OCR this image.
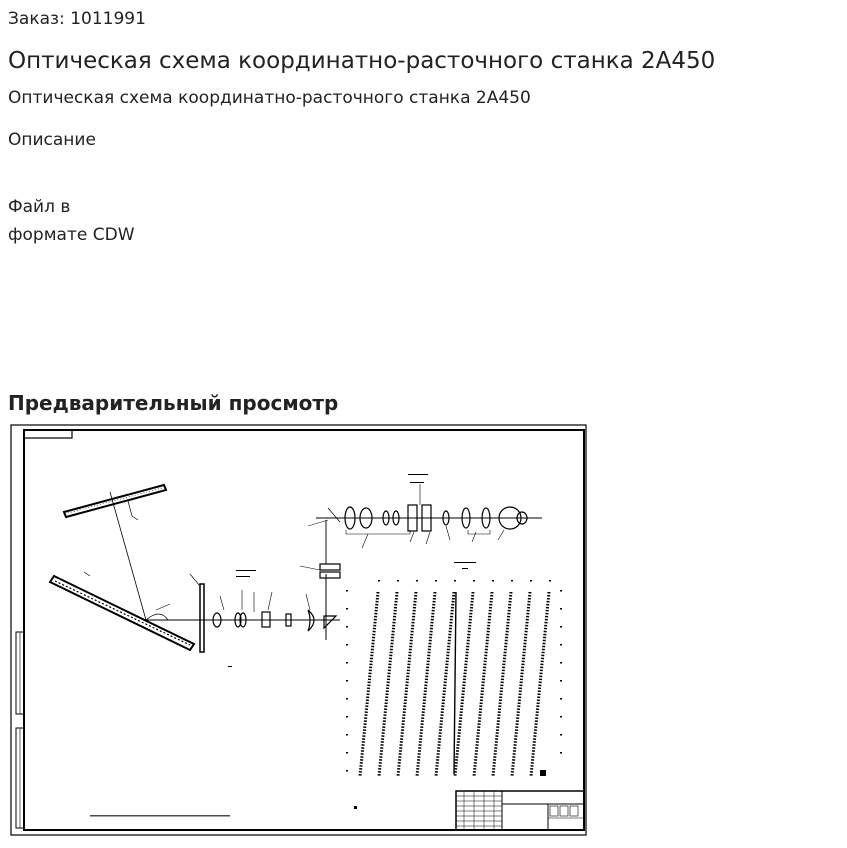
Заказ: 1011991
Оптическая схема координатно-расточного станка 2А450
Оптическая схема координатно-расточного станка 2А450
Описание
Файл в
формате CDW
Предварительный просмотр
